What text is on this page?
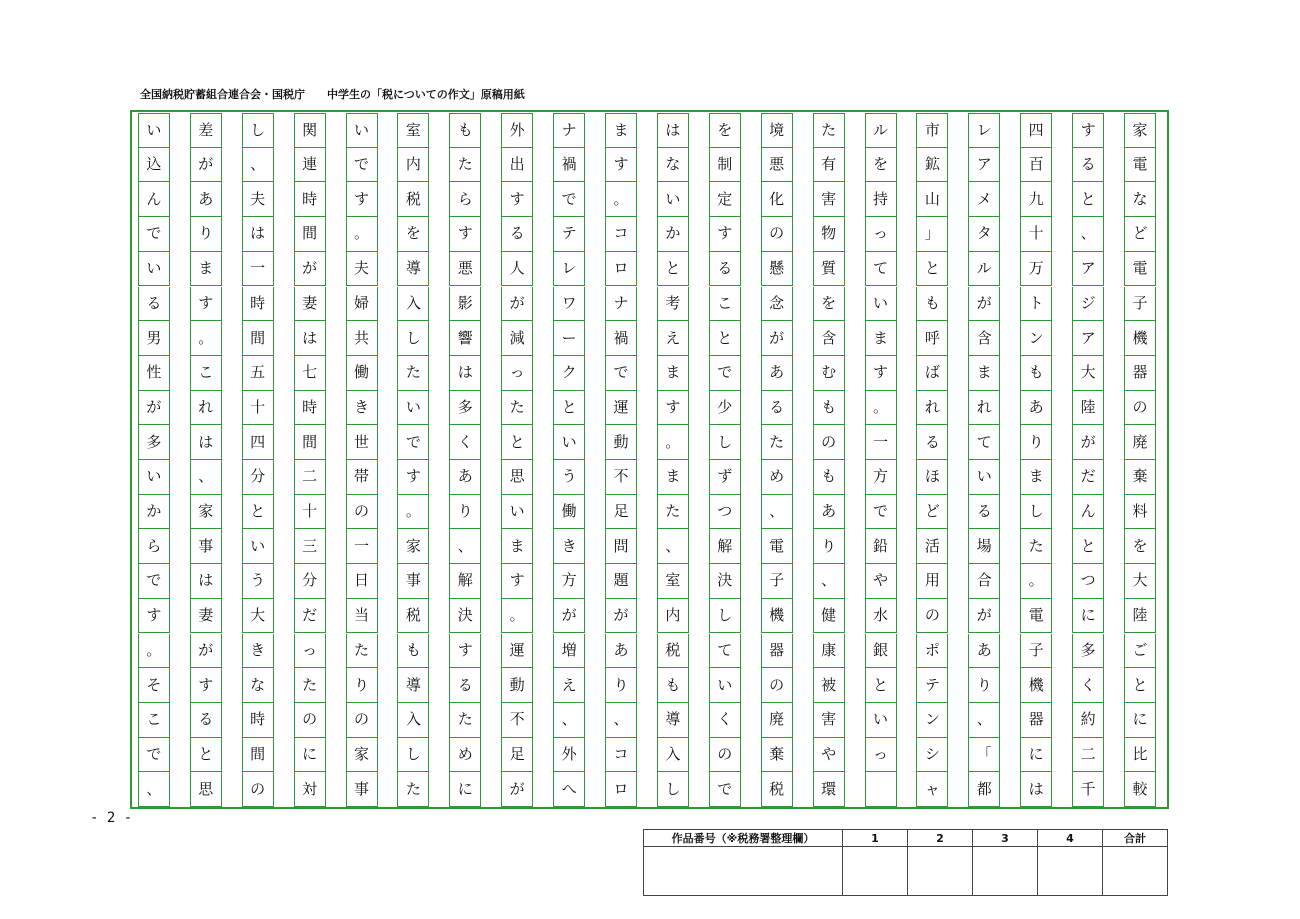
全国納税貯蓄組合連合会・国税庁　　 中学生の「税についての作文」原稿用紙
家
電
な
ど
電
子
機
器
の
廃
棄
料
を
大
陸
ご
と
に
比
較
す
る
と
、
ア
ジ
ア
大
陸
が
だ
ん
と
つ
に
多
く
約
二
千
四
百
九
十
万
ト
ン
も
あ
り
ま
し
た
。
電
子
機
器
に
は
レ
ア
メ
タ
ル
が
含
ま
れ
て
い
る
場
合
が
あ
り
、
「
都
市
鉱
山
」
と
も
呼
ば
れ
る
ほ
ど
活
用
の
ポ
テ
ン
シ
ャ
ル
を
持
っ
て
い
ま
す
。
一
方
で
鉛
や
水
銀
と
い
っ
た
有
害
物
質
を
含
む
も
の
も
あ
り
、
健
康
被
害
や
環
境
悪
化
の
懸
念
が
あ
る
た
め
、
電
子
機
器
の
廃
棄
税
を
制
定
す
る
こ
と
で
少
し
ず
つ
解
決
し
て
い
く
の
で
は
な
い
か
と
考
え
ま
す
。
ま
た
、
室
内
税
も
導
入
し
ま
す
。
コ
ロ
ナ
禍
で
運
動
不
足
問
題
が
あ
り
、
コ
ロ
ナ
禍
で
テ
レ
ワ
ー
ク
と
い
う
働
き
方
が
増
え
、
外
へ
外
出
す
る
人
が
減
っ
た
と
思
い
ま
す
。
運
動
不
足
が
も
た
ら
す
悪
影
響
は
多
く
あ
り
、
解
決
す
る
た
め
に
室
内
税
を
導
入
し
た
い
で
す
。
家
事
税
も
導
入
し
た
い
で
す
。
夫
婦
共
働
き
世
帯
の
一
日
当
た
り
の
家
事
関
連
時
間
が
妻
は
七
時
間
二
十
三
分
だ
っ
た
の
に
対
し
、
夫
は
一
時
間
五
十
四
分
と
い
う
大
き
な
時
間
の
差
が
あ
り
ま
す
。
こ
れ
は
、
家
事
は
妻
が
す
る
と
思
い
込
ん
で
い
る
男
性
が
多
い
か
ら
で
す
。
そ
こ
で
、
- 2 -
作品番号（※税務署整理欄）	1	2	3	4	合計
